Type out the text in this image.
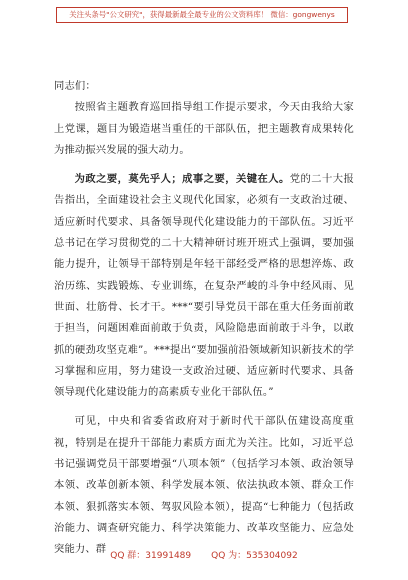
关注头条号"公文研究"，获得最新最全最专业的公文资料库！ 微信：gongwenys

同志们：

按照省主题教育巡回指导组工作提示要求，今天由我给大家上党课，题目为锻造堪当重任的干部队伍，把主题教育成果转化为推动振兴发展的强大动力。

为政之要，莫先乎人；成事之要，关键在人。党的二十大报告指出，全面建设社会主义现代化国家，必须有一支政治过硬、适应新时代要求、具备领导现代化建设能力的干部队伍。习近平总书记在学习贯彻党的二十大精神研讨班开班式上强调，要加强能力提升，让领导干部特别是年轻干部经受严格的思想淬炼、政治历练、实践锻炼、专业训练，在复杂严峻的斗争中经风雨、见世面、壮筋骨、长才干。***“要引导党员干部在重大任务面前敢于担当，问题困难面前敢于负责，风险隐患面前敢于斗争，以敢抓的硬劲攻坚克难”。***提出“要加强前沿领域新知识新技术的学习掌握和应用，努力建设一支政治过硬、适应新时代要求、具备领导现代化建设能力的高素质专业化干部队伍。”

可见，中央和省委省政府对于新时代干部队伍建设高度重视，特别是在提升干部能力素质方面尤为关注。比如，习近平总书记强调党员干部要增强“八项本领”（包括学习本领、政治领导本领、改革创新本领、科学发展本领、依法执政本领、群众工作本领、狠抓落实本领、驾驭风险本领），提高“七种能力（包括政治能力、调查研究能力、科学决策能力、改革攻坚能力、应急处突能力、群

QQ 群：31991489       QQ 为：535304092
